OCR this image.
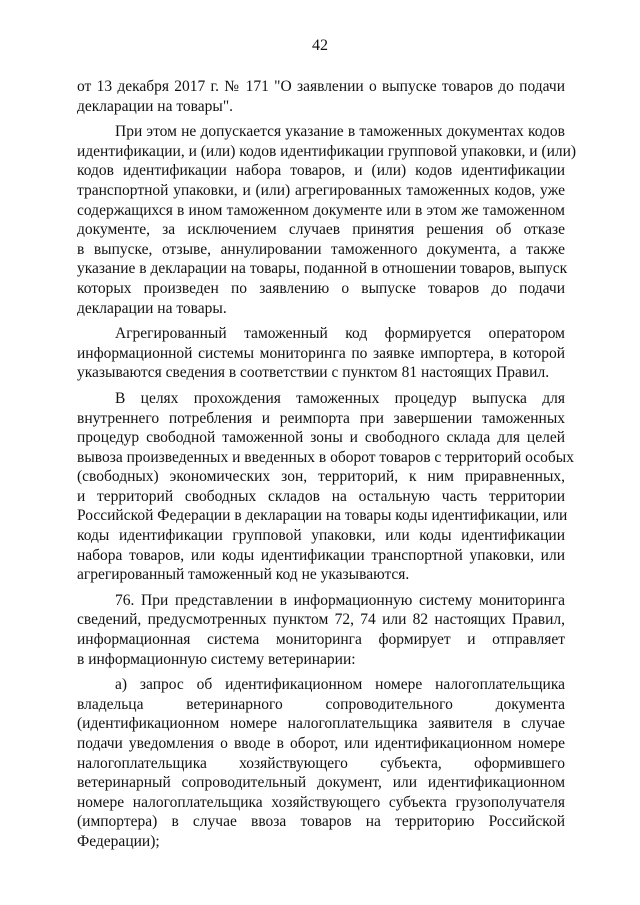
42
от 13 декабря 2017 г. № 171 "О заявлении о выпуске товаров до подачи
декларации на товары".
При этом не допускается указание в таможенных документах кодов
идентификации, и (или) кодов идентификации групповой упаковки, и (или)
кодов идентификации набора товаров, и (или) кодов идентификации
транспортной упаковки, и (или) агрегированных таможенных кодов, уже
содержащихся в ином таможенном документе или в этом же таможенном
документе, за исключением случаев принятия решения об отказе
в выпуске, отзыве, аннулировании таможенного документа, а также
указание в декларации на товары, поданной в отношении товаров, выпуск
которых произведен по заявлению о выпуске товаров до подачи
декларации на товары.
Агрегированный таможенный код формируется оператором
информационной системы мониторинга по заявке импортера, в которой
указываются сведения в соответствии с пунктом 81 настоящих Правил.
В целях прохождения таможенных процедур выпуска для
внутреннего потребления и реимпорта при завершении таможенных
процедур свободной таможенной зоны и свободного склада для целей
вывоза произведенных и введенных в оборот товаров с территорий особых
(свободных) экономических зон, территорий, к ним приравненных,
и территорий свободных складов на остальную часть территории
Российской Федерации в декларации на товары коды идентификации, или
коды идентификации групповой упаковки, или коды идентификации
набора товаров, или коды идентификации транспортной упаковки, или
агрегированный таможенный код не указываются.
76. При представлении в информационную систему мониторинга
сведений, предусмотренных пунктом 72, 74 или 82 настоящих Правил,
информационная система мониторинга формирует и отправляет
в информационную систему ветеринарии:
а) запрос об идентификационном номере налогоплательщика
владельца ветеринарного сопроводительного документа
(идентификационном номере налогоплательщика заявителя в случае
подачи уведомления о вводе в оборот, или идентификационном номере
налогоплательщика хозяйствующего субъекта, оформившего
ветеринарный сопроводительный документ, или идентификационном
номере налогоплательщика хозяйствующего субъекта грузополучателя
(импортера) в случае ввоза товаров на территорию Российской
Федерации);
